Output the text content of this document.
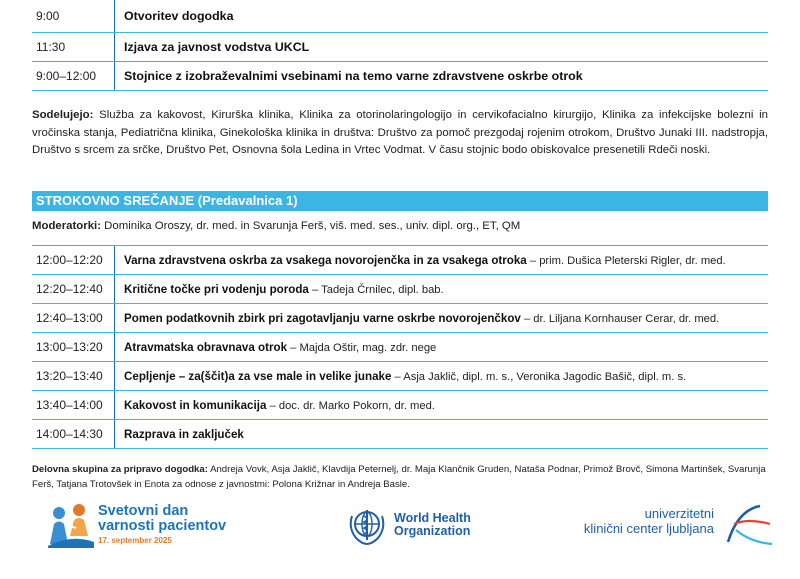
9:00	Otvoritev dogodka
11:30	Izjava za javnost vodstva UKCL
9:00–12:00	Stojnice z izobraževalnimi vsebinami na temo varne zdravstvene oskrbe otrok

Sodelujejo: Služba za kakovost, Kirurška klinika, Klinika za otorinolaringologijo in cervikofacialno kirurgijo, Klinika za infekcijske bolezni in vročinska stanja, Pediatrična klinika, Ginekološka klinika in društva: Društvo za pomoč prezgodaj rojenim otrokom, Društvo Junaki III. nadstropja, Društvo s srcem za srčke, Društvo Pet, Osnovna šola Ledina in Vrtec Vodmat. V času stojnic bodo obiskovalce presenetili Rdeči noski.

STROKOVNO SREČANJE (Predavalnica 1)

Moderatorki: Dominika Oroszy, dr. med. in Svarunja Ferš, viš. med. ses., univ. dipl. org., ET, QM

12:00–12:20	Varna zdravstvena oskrba za vsakega novorojenčka in za vsakega otroka – prim. Dušica Pleterski Rigler, dr. med.
12:20–12:40	Kritične točke pri vodenju poroda – Tadeja Črnilec, dipl. bab.
12:40–13:00	Pomen podatkovnih zbirk pri zagotavljanju varne oskrbe novorojenčkov – dr. Liljana Kornhauser Cerar, dr. med.
13:00–13:20	Atravmatska obravnava otrok – Majda Oštir, mag. zdr. nege
13:20–13:40	Cepljenje – za(ščit)a za vse male in velike junake – Asja Jaklič, dipl. m. s., Veronika Jagodic Bašič, dipl. m. s.
13:40–14:00	Kakovost in komunikacija – doc. dr. Marko Pokorn, dr. med.
14:00–14:30	Razprava in zaključek

Delovna skupina za pripravo dogodka: Andreja Vovk, Asja Jaklič, Klavdija Peternelj, dr. Maja Klančnik Gruden, Nataša Podnar, Primož Brovč, Simona Martinšek, Svarunja Ferš, Tatjana Trotovšek in Enota za odnose z javnostmi: Polona Križnar in Andreja Basle.

Svetovni dan
varnosti pacientov
17. september 2025
World Health
Organization
univerzitetni
klinični center ljubljana
